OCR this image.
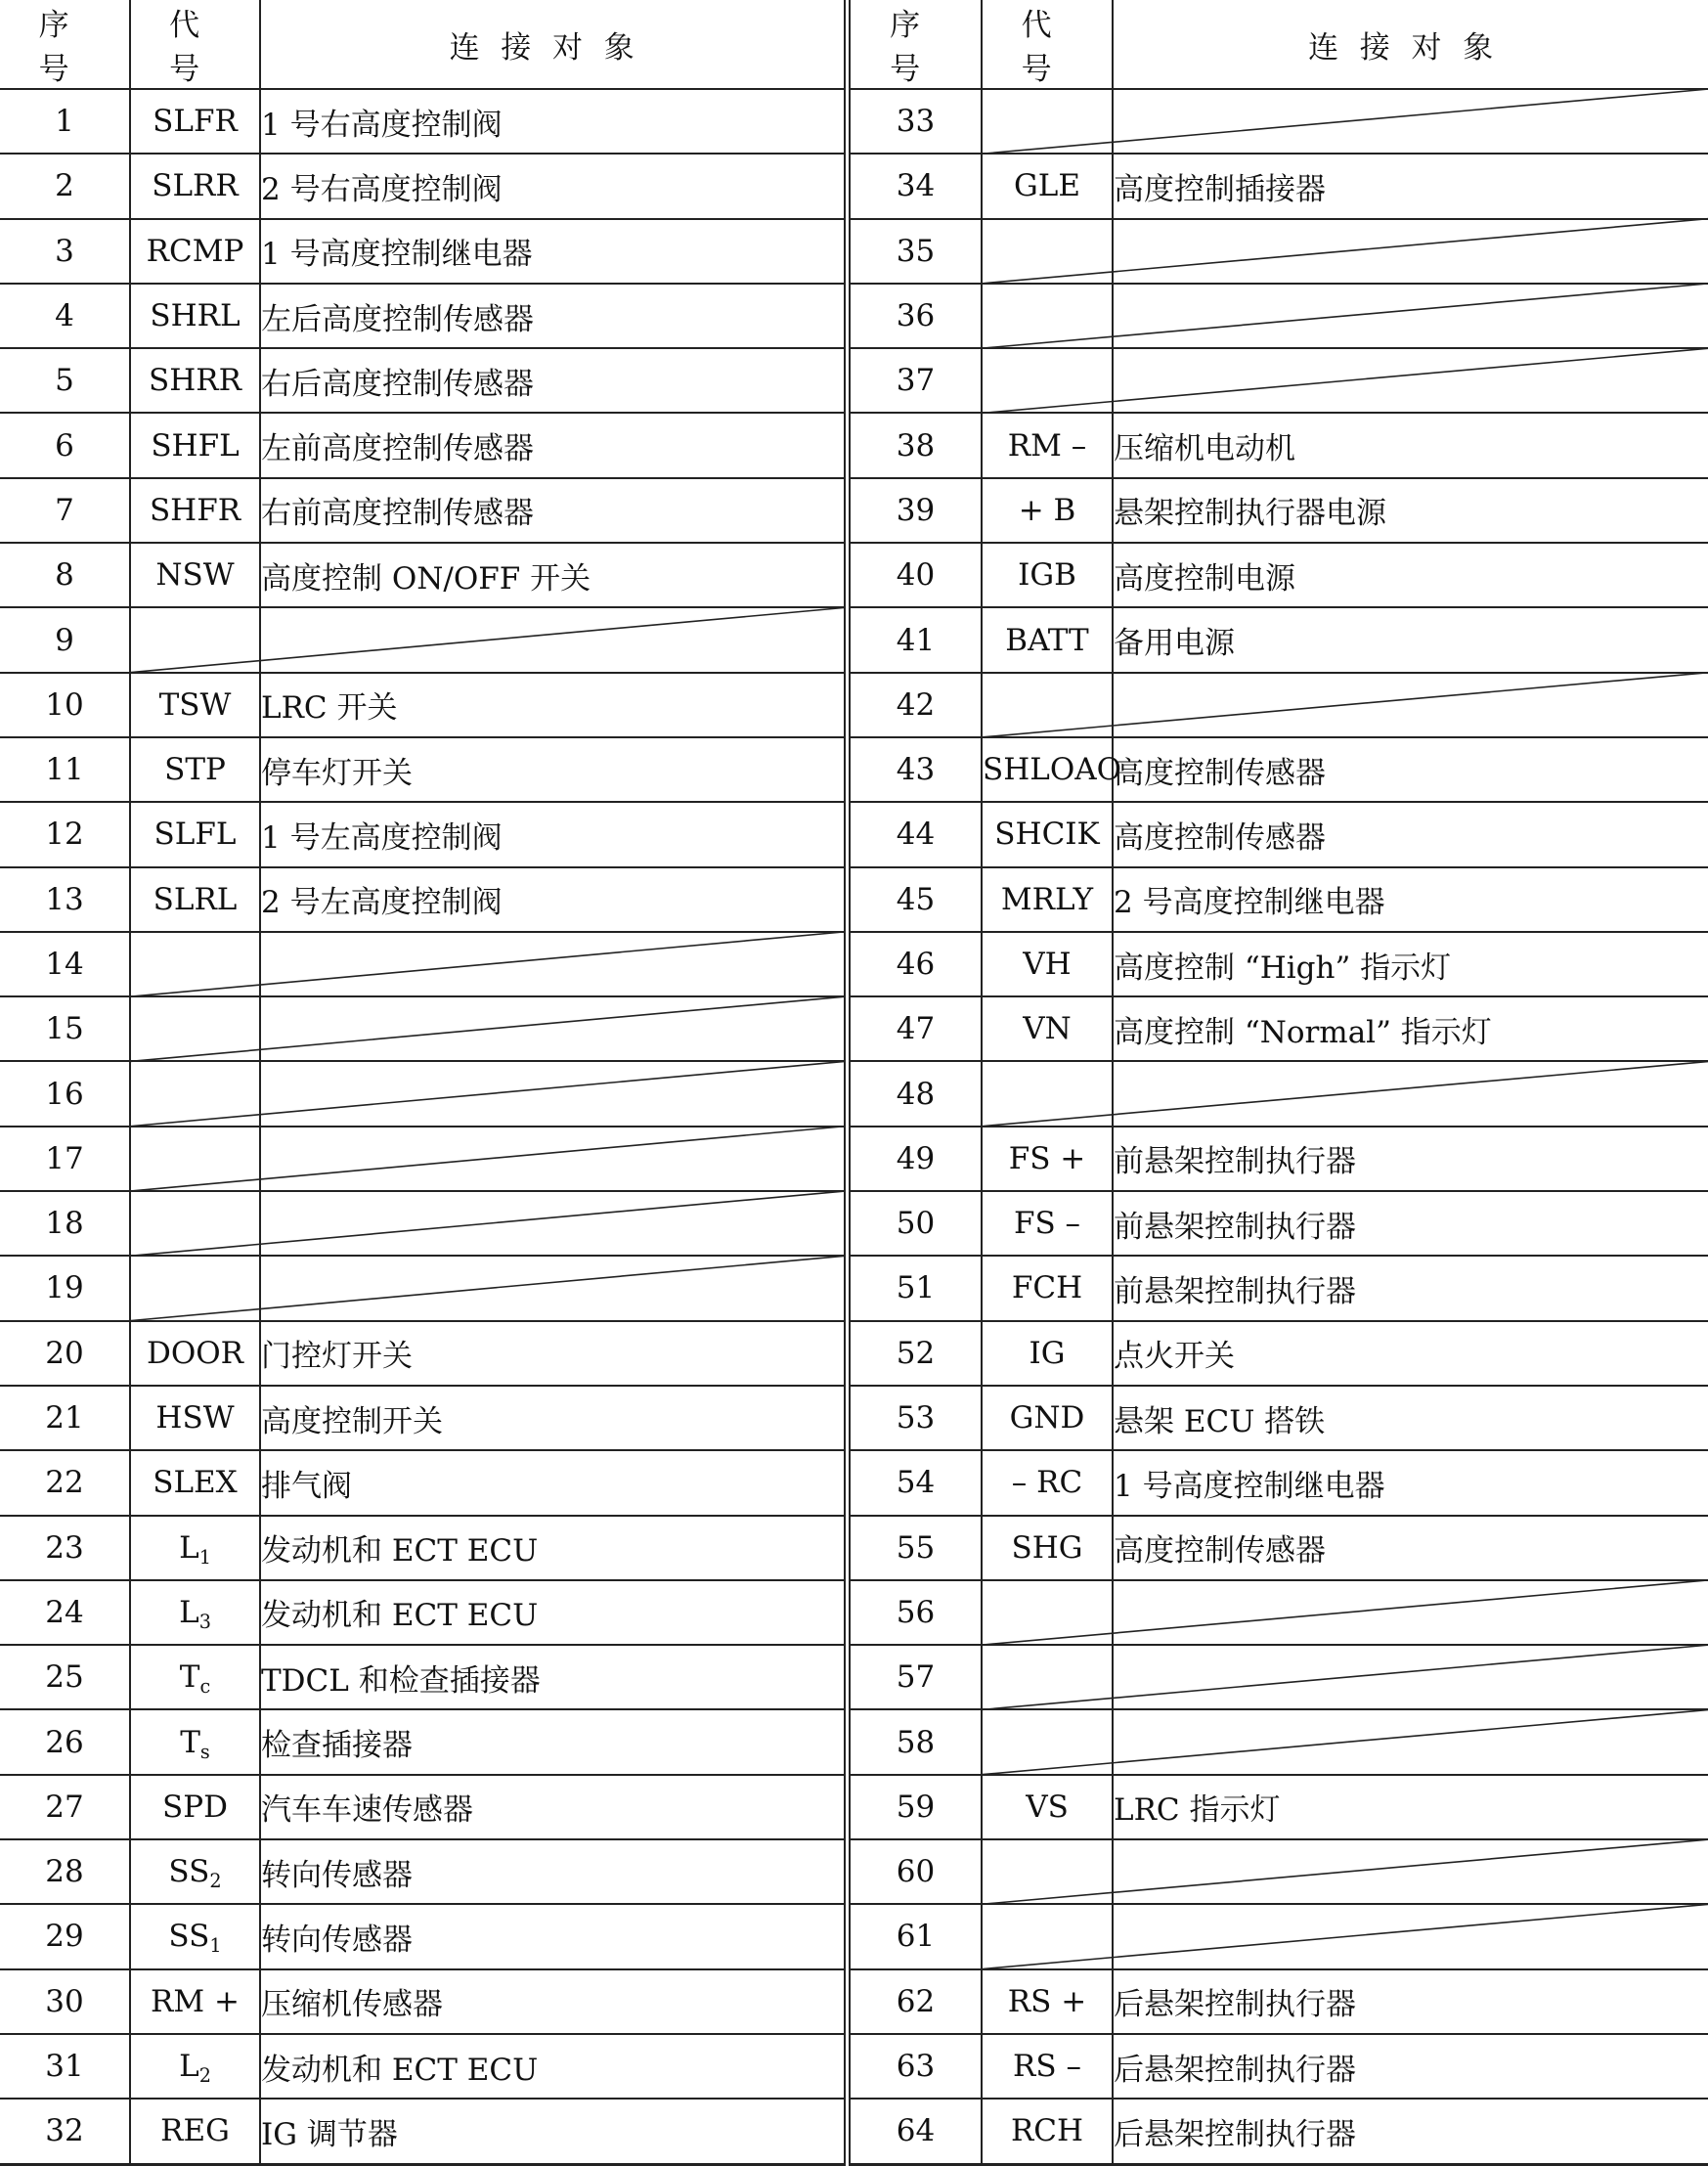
序 号	代 号	连接对象
1	SLFR	1 号右高度控制阀
2	SLRR	2 号右高度控制阀
3	RCMP	1 号高度控制继电器
4	SHRL	左后高度控制传感器
5	SHRR	右后高度控制传感器
6	SHFL	左前高度控制传感器
7	SHFR	右前高度控制传感器
8	NSW	高度控制 ON/OFF 开关
9		
10	TSW	LRC 开关
11	STP	停车灯开关
12	SLFL	1 号左高度控制阀
13	SLRL	2 号左高度控制阀
14		
15		
16		
17		
18		
19		
20	DOOR	门控灯开关
21	HSW	高度控制开关
22	SLEX	排气阀
23	$L_1$	发动机和 ECT ECU
24	$L_3$	发动机和 ECT ECU
25	$T_c$	TDCL 和检查插接器
26	$T_s$	检查插接器
27	SPD	汽车车速传感器
28	$SS_2$	转向传感器
29	$SS_1$	转向传感器
30	RM +	压缩机传感器
31	$L_2$	发动机和 ECT ECU
32	REG	IG 调节器
序 号	代 号	连接对象
33		
34	GLE	高度控制插接器
35		
36		
37		
38	RM –	压缩机电动机
39	+ B	悬架控制执行器电源
40	IGB	高度控制电源
41	BATT	备用电源
42		
43	SHLOAO	高度控制传感器
44	SHCIK	高度控制传感器
45	MRLY	2 号高度控制继电器
46	VH	高度控制 “High” 指示灯
47	VN	高度控制 “Normal” 指示灯
48		
49	FS +	前悬架控制执行器
50	FS –	前悬架控制执行器
51	FCH	前悬架控制执行器
52	IG	点火开关
53	GND	悬架 ECU 搭铁
54	– RC	1 号高度控制继电器
55	SHG	高度控制传感器
56		
57		
58		
59	VS	LRC 指示灯
60		
61		
62	RS +	后悬架控制执行器
63	RS –	后悬架控制执行器
64	RCH	后悬架控制执行器
